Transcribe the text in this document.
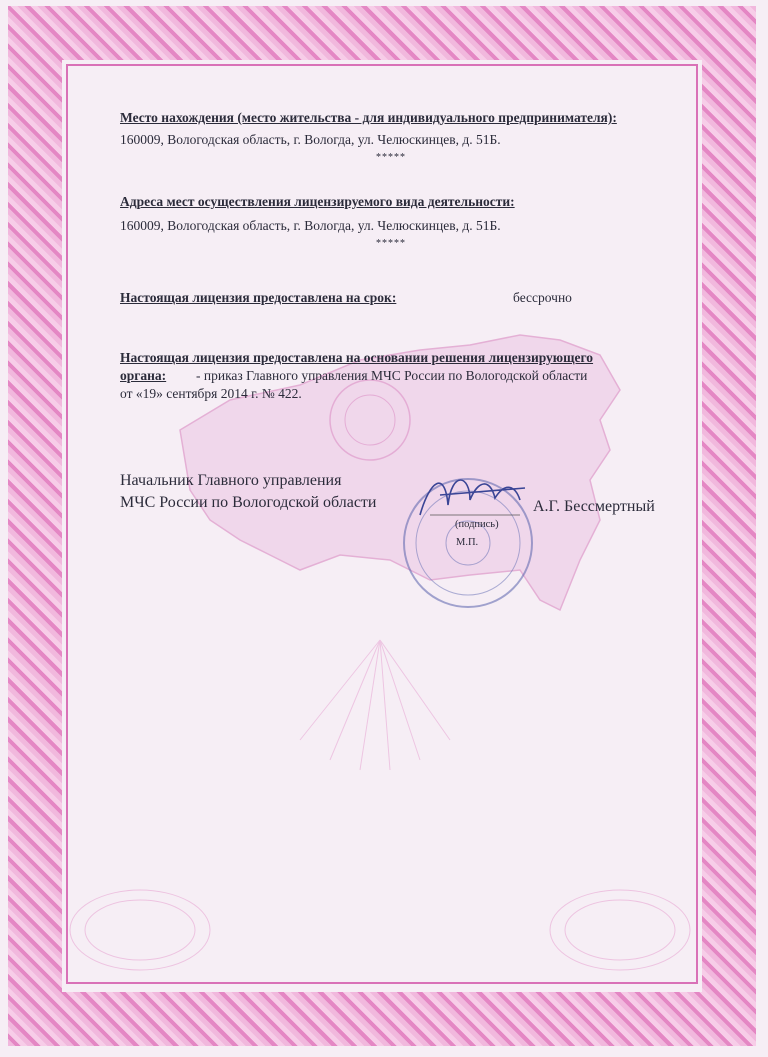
Место нахождения (место жительства - для индивидуального предпринимателя):
160009, Вологодская область, г. Вологда, ул. Челюскинцев, д. 51Б.
*****
Адреса мест осуществления лицензируемого вида деятельности:
160009, Вологодская область, г. Вологда, ул. Челюскинцев, д. 51Б.
*****
Настоящая лицензия предоставлена на срок:	бессрочно
Настоящая лицензия предоставлена на основании решения лицензирующего
органа: - приказ Главного управления МЧС России по Вологодской области
от «19» сентября 2014 г. № 422.
Начальник Главного управления
МЧС России по Вологодской области	А.Г. Бессмертный
(подпись)
М.П.
